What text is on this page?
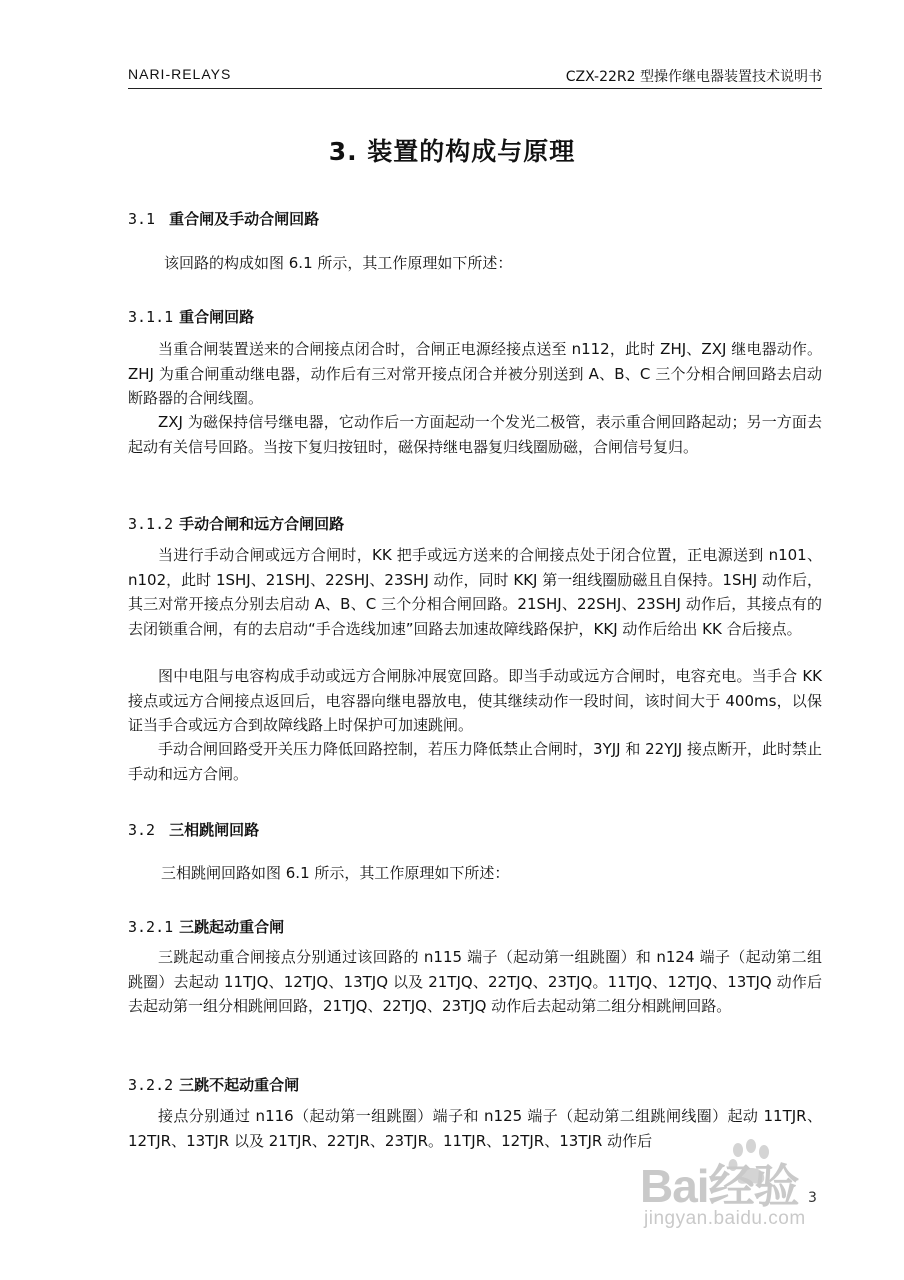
NARI-RELAYS	CZX-22R2 型操作继电器装置技术说明书
3. 装置的构成与原理
3.1 重合闸及手动合闸回路

该回路的构成如图 6.1 所示，其工作原理如下所述：

3.1.1 重合闸回路

当重合闸装置送来的合闸接点闭合时，合闸正电源经接点送至 n112，此时 ZHJ、ZXJ 继电器动作。ZHJ 为重合闸重动继电器，动作后有三对常开接点闭合并被分别送到 A、B、C 三个分相合闸回路去启动断路器的合闸线圈。

ZXJ 为磁保持信号继电器，它动作后一方面起动一个发光二极管，表示重合闸回路起动；另一方面去起动有关信号回路。当按下复归按钮时，磁保持继电器复归线圈励磁，合闸信号复归。

3.1.2 手动合闸和远方合闸回路

当进行手动合闸或远方合闸时，KK 把手或远方送来的合闸接点处于闭合位置，正电源送到 n101、n102，此时 1SHJ、21SHJ、22SHJ、23SHJ 动作，同时 KKJ 第一组线圈励磁且自保持。1SHJ 动作后，其三对常开接点分别去启动 A、B、C 三个分相合闸回路。21SHJ、22SHJ、23SHJ 动作后，其接点有的去闭锁重合闸，有的去启动“手合选线加速”回路去加速故障线路保护，KKJ 动作后给出 KK 合后接点。

图中电阻与电容构成手动或远方合闸脉冲展宽回路。即当手动或远方合闸时，电容充电。当手合 KK 接点或远方合闸接点返回后，电容器向继电器放电，使其继续动作一段时间，该时间大于 400ms，以保证当手合或远方合到故障线路上时保护可加速跳闸。

手动合闸回路受开关压力降低回路控制，若压力降低禁止合闸时，3YJJ 和 22YJJ 接点断开，此时禁止手动和远方合闸。

3.2 三相跳闸回路

三相跳闸回路如图 6.1 所示，其工作原理如下所述：

3.2.1 三跳起动重合闸

三跳起动重合闸接点分别通过该回路的 n115 端子（起动第一组跳圈）和 n124 端子（起动第二组跳圈）去起动 11TJQ、12TJQ、13TJQ 以及 21TJQ、22TJQ、23TJQ。11TJQ、12TJQ、13TJQ 动作后去起动第一组分相跳闸回路，21TJQ、22TJQ、23TJQ 动作后去起动第二组分相跳闸回路。

3.2.2 三跳不起动重合闸

接点分别通过 n116（起动第一组跳圈）端子和 n125 端子（起动第二组跳闸线圈）起动 11TJR、12TJR、13TJR 以及 21TJR、22TJR、23TJR。11TJR、12TJR、13TJR 动作后

3
Bai经验
jingyan.baidu.com
